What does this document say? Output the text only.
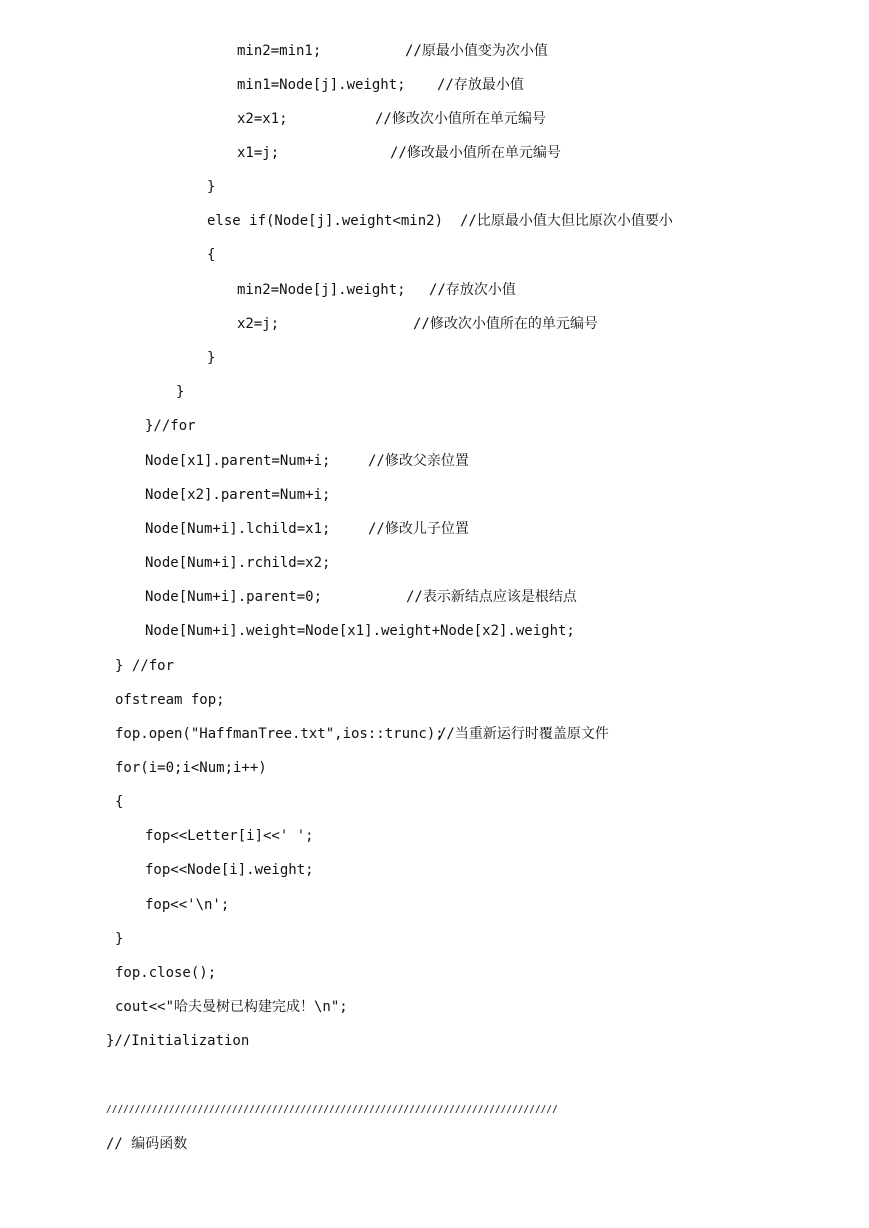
min2=min1;	//原最小值变为次小值
min1=Node[j].weight; //存放最小值
x2=x1;	//修改次小值所在单元编号
x1=j;	//修改最小值所在单元编号
}
else if(Node[j].weight<min2) //比原最小值大但比原次小值要小
{
min2=Node[j].weight; //存放次小值
x2=j;	//修改次小值所在的单元编号
}
}
}//for
Node[x1].parent=Num+i;	//修改父亲位置
Node[x2].parent=Num+i;
Node[Num+i].lchild=x1;	//修改儿子位置
Node[Num+i].rchild=x2;
Node[Num+i].parent=0;	//表示新结点应该是根结点
Node[Num+i].weight=Node[x1].weight+Node[x2].weight;
} //for
ofstream fop;
fop.open("HaffmanTree.txt",ios::trunc);
//当重新运行时覆盖原文件
for(i=0;i<Num;i++)
{
fop<<Letter[i]<<' ';
fop<<Node[i].weight;
fop<<'\n';
}
fop.close();
cout<<"哈夫曼树已构建完成！\n";
}//Initialization
///////////////////////////////////////////////////////////////////////////////
// 编码函数
